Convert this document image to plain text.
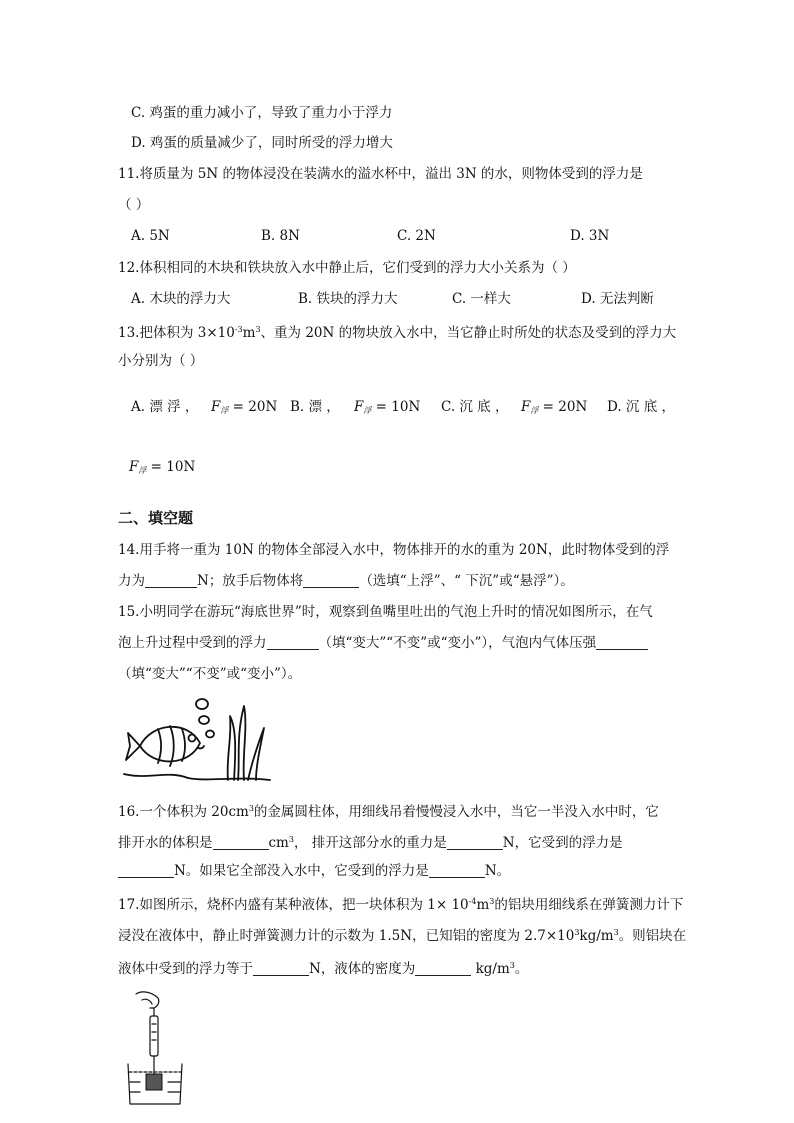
C. 鸡蛋的重力减小了，导致了重力小于浮力
D. 鸡蛋的质量减少了，同时所受的浮力增大
11.将质量为 5N 的物体浸没在装满水的溢水杯中，溢出 3N 的水，则物体受到的浮力是
（ ）
A. 5N	B. 8N	C. 2N	D. 3N
12.体积相同的木块和铁块放入水中静止后，它们受到的浮力大小关系为（ ）
A. 木块的浮力大	B. 铁块的浮力大	C. 一样大	D. 无法判断
13.把体积为 $3\times 10^{-3}m^3$、重为 20N 的物块放入水中，当它静止时所处的状态及受到的浮力大
小分别为（ ）
A. 漂 浮 ， $F_浮 = 20N$ B. 漂 ， $F_浮 = 10N$ C. 沉 底 ， $F_浮 = 20N$ D. 沉 底 ，
$F_浮 = 10N$
二、填空题
14.用手将一重为 10N 的物体全部浸入水中，物体排开的水的重为 20N，此时物体受到的浮
力为	N；放手后物体将	（选填“上浮”、“ 下沉”或“悬浮”）。
15.小明同学在游玩“海底世界”时，观察到鱼嘴里吐出的气泡上升时的情况如图所示，在气
泡上升过程中受到的浮力	（填“变大”“不变”或“变小”），气泡内气体压强
（填“变大”“不变”或“变小”）。
16.一个体积为 $20cm^3$的金属圆柱体，用细线吊着慢慢浸入水中，当它一半没入水中时，它
排开水的体积是	$cm^3$， 排开这部分水的重力是	N，它受到的浮力是
N。如果它全部没入水中，它受到的浮力是	N。
17.如图所示，烧杯内盛有某种液体，把一块体积为 $1\times 10^{-4}m^3$的铝块用细线系在弹簧测力计下
浸没在液体中，静止时弹簧测力计的示数为 1.5N，已知铝的密度为 $2.7\times 10^3kg/m^3$。则铝块在
液体中受到的浮力等于	N，液体的密度为	$kg/m^3$。
